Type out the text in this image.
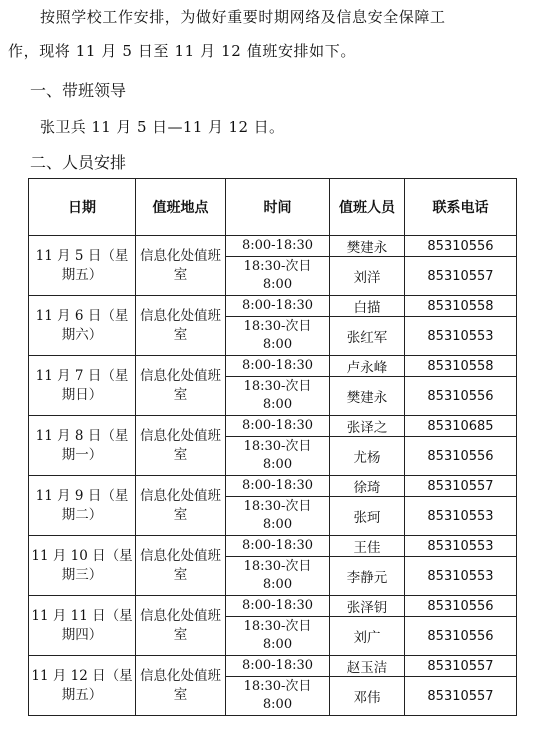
按照学校工作安排，为做好重要时期网络及信息安全保障工
作，现将 11 月 5 日至 11 月 12 值班安排如下。
一、带班领导
张卫兵 11 月 5 日—11 月 12 日。
二、人员安排
日期	值班地点	时间	值班人员	联系电话
11 月 5 日（星期五）	信息化处值班室	8:00-18:30	樊建永	85310556
		18:30-次日 8:00	刘洋	85310557
11 月 6 日（星期六）	信息化处值班室	8:00-18:30	白描	85310558
		18:30-次日 8:00	张红军	85310553
11 月 7 日（星期日）	信息化处值班室	8:00-18:30	卢永峰	85310558
		18:30-次日 8:00	樊建永	85310556
11 月 8 日（星期一）	信息化处值班室	8:00-18:30	张译之	85310685
		18:30-次日 8:00	尤杨	85310556
11 月 9 日（星期二）	信息化处值班室	8:00-18:30	徐琦	85310557
		18:30-次日 8:00	张珂	85310553
11 月 10 日（星期三）	信息化处值班室	8:00-18:30	王佳	85310553
		18:30-次日 8:00	李静元	85310553
11 月 11 日（星期四）	信息化处值班室	8:00-18:30	张泽钥	85310556
		18:30-次日 8:00	刘广	85310556
11 月 12 日（星期五）	信息化处值班室	8:00-18:30	赵玉洁	85310557
		18:30-次日 8:00	邓伟	85310557
